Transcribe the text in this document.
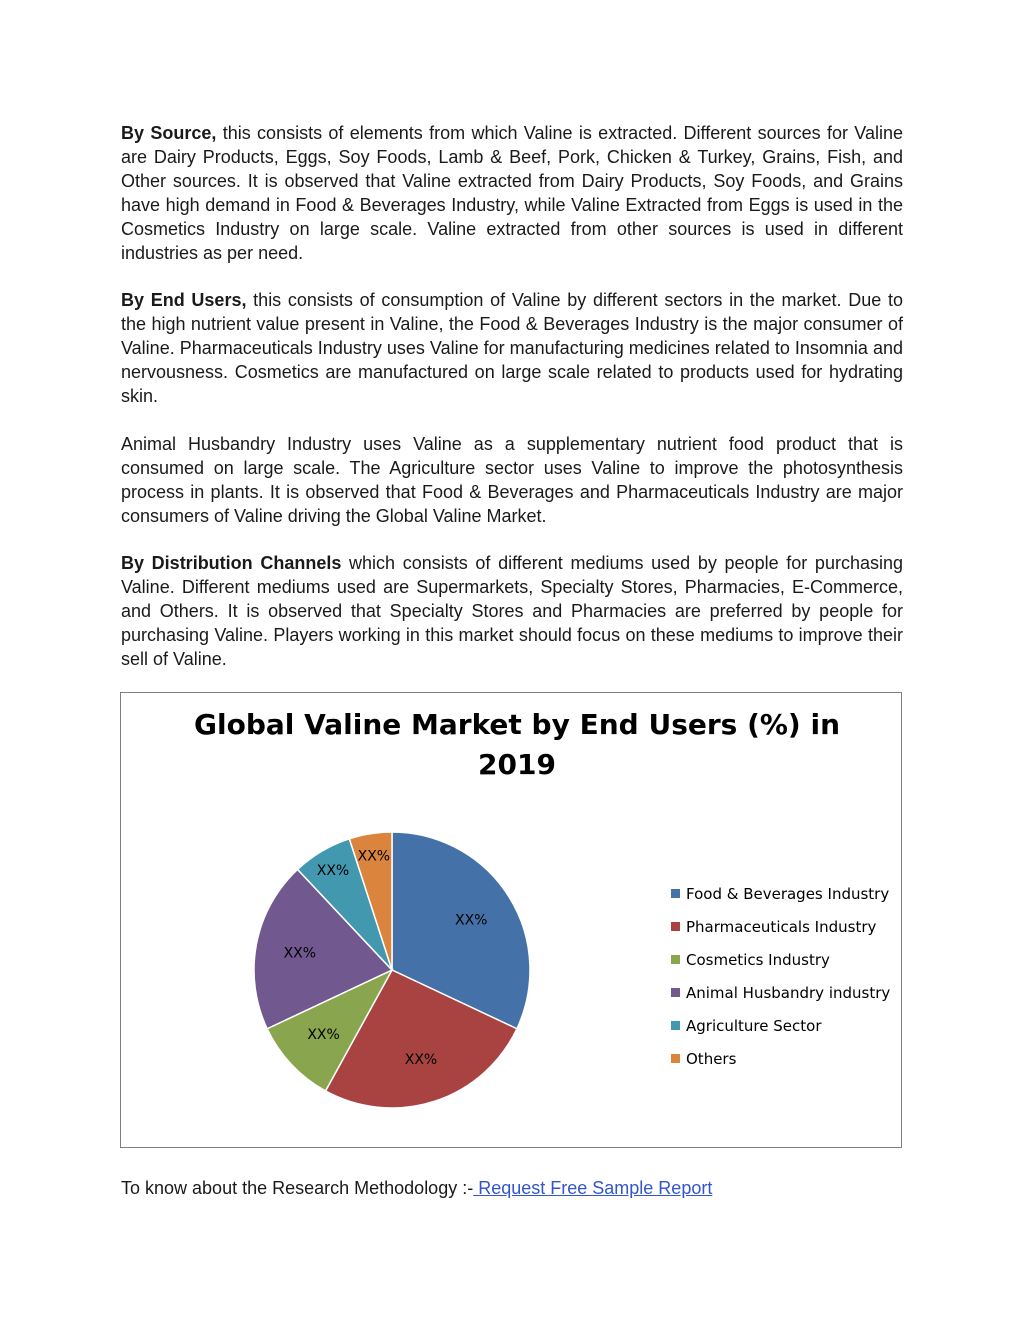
By Source, this consists of elements from which Valine is extracted. Different sources for Valine are Dairy Products, Eggs, Soy Foods, Lamb & Beef, Pork, Chicken & Turkey, Grains, Fish, and Other sources. It is observed that Valine extracted from Dairy Products, Soy Foods, and Grains have high demand in Food & Beverages Industry, while Valine Extracted from Eggs is used in the Cosmetics Industry on large scale. Valine extracted from other sources is used in different industries as per need.

By End Users, this consists of consumption of Valine by different sectors in the market. Due to the high nutrient value present in Valine, the Food & Beverages Industry is the major consumer of Valine. Pharmaceuticals Industry uses Valine for manufacturing medicines related to Insomnia and nervousness. Cosmetics are manufactured on large scale related to products used for hydrating skin.

Animal Husbandry Industry uses Valine as a supplementary nutrient food product that is consumed on large scale. The Agriculture sector uses Valine to improve the photosynthesis process in plants. It is observed that Food & Beverages and Pharmaceuticals Industry are major consumers of Valine driving the Global Valine Market.

By Distribution Channels which consists of different mediums used by people for purchasing Valine. Different mediums used are Supermarkets, Specialty Stores, Pharmacies, E-Commerce, and Others. It is observed that Specialty Stores and Pharmacies are preferred by people for purchasing Valine. Players working in this market should focus on these mediums to improve their sell of Valine.

Global Valine Market by End Users (%) in
2019
XX%
XX%
XX%
XX%
XX%
XX%
Food & Beverages Industry
Pharmaceuticals Industry
Cosmetics Industry
Animal Husbandry industry
Agriculture Sector
Others
To know about the Research Methodology :- Request Free Sample Report
